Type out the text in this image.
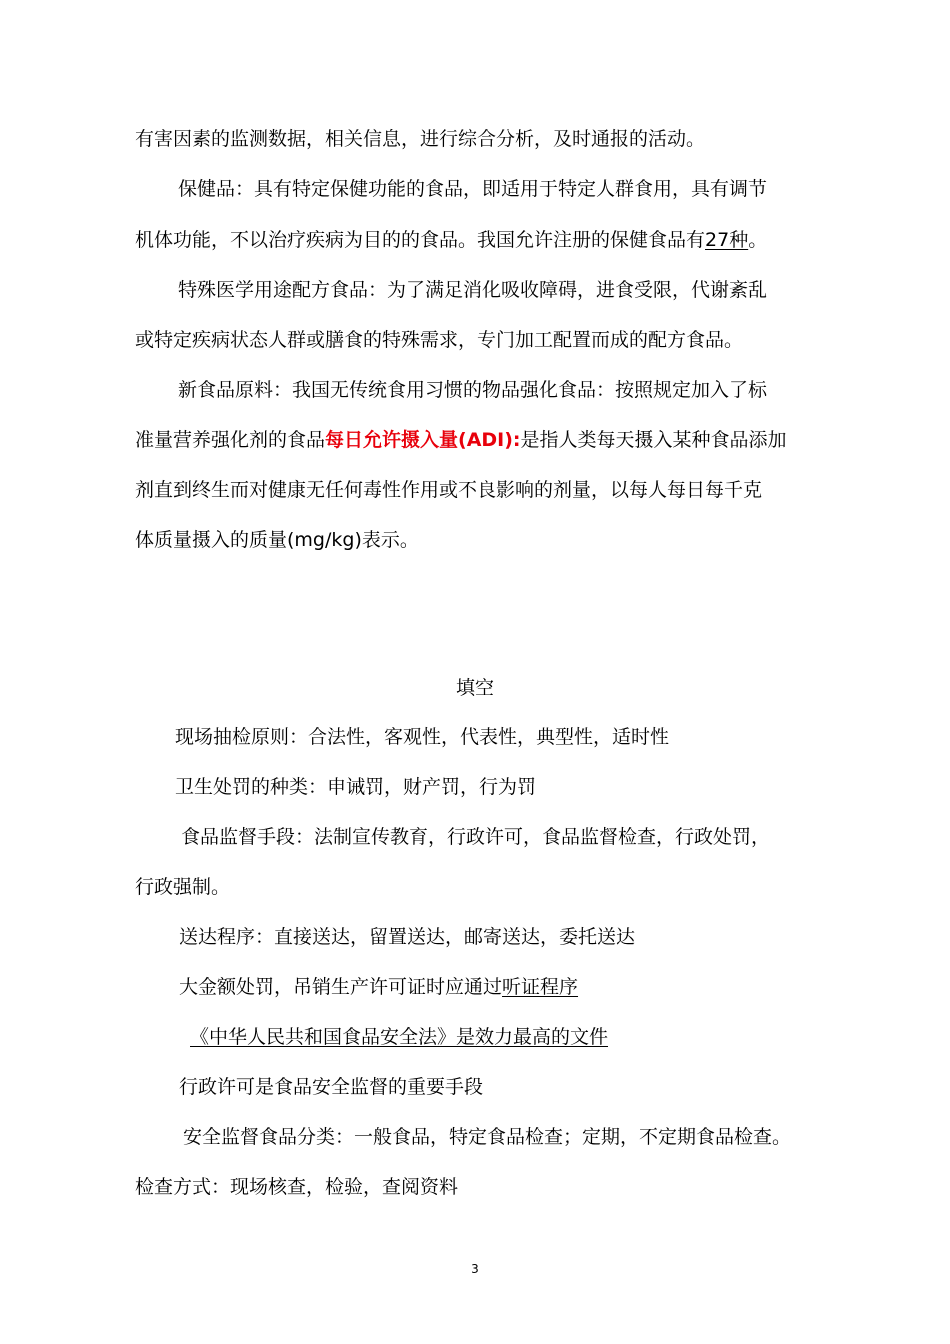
有害因素的监测数据，相关信息，进行综合分析，及时通报的活动。
保健品：具有特定保健功能的食品，即适用于特定人群食用，具有调节
机体功能，不以治疗疾病为目的的食品。我国允许注册的保健食品有27种。
特殊医学用途配方食品：为了满足消化吸收障碍，进食受限，代谢紊乱
或特定疾病状态人群或膳食的特殊需求，专门加工配置而成的配方食品。
新食品原料：我国无传统食用习惯的物品强化食品：按照规定加入了标
准量营养强化剂的食品每日允许摄入量(ADI):是指人类每天摄入某种食品添加
剂直到终生而对健康无任何毒性作用或不良影响的剂量，以每人每日每千克
体质量摄入的质量(mg/kg)表示。
填空
现场抽检原则：合法性，客观性，代表性，典型性，适时性
卫生处罚的种类：申诫罚，财产罚，行为罚
食品监督手段：法制宣传教育，行政许可，食品监督检查，行政处罚，
行政强制。
送达程序：直接送达，留置送达，邮寄送达，委托送达
大金额处罚，吊销生产许可证时应通过听证程序
《中华人民共和国食品安全法》是效力最高的文件
行政许可是食品安全监督的重要手段
安全监督食品分类：一般食品，特定食品检查；定期，不定期食品检查。
检查方式：现场核查，检验，查阅资料
3
